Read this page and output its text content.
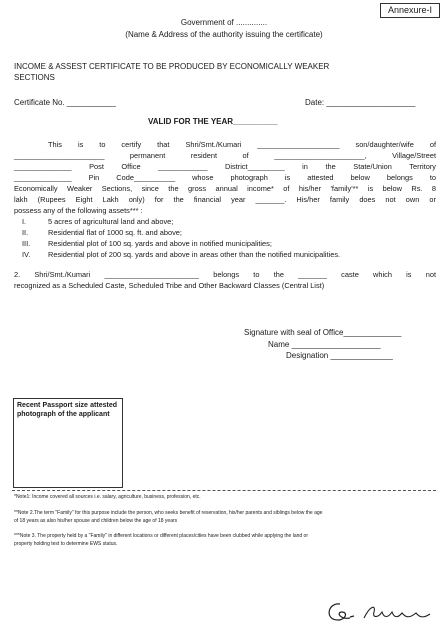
Annexure-I
Government of ..............
(Name & Address of the authority issuing the certificate)
INCOME & ASSEST CERTIFICATE TO BE PRODUCED BY ECONOMICALLY WEAKER
SECTIONS
Certificate No. ___________	Date: ____________________
VALID FOR THE YEAR__________
This is to certify that Shri/Smt./Kumari ____________________ son/daughter/wife of
______________________ permanent resident of ______________________, Village/Street
______________ Post Office ____________ District_________ in the State/Union Territory
______________ Pin Code__________ whose photograph is attested below belongs to
Economically Weaker Sections, since the gross annual income* of his/her 'family'** is below Rs. 8
lakh (Rupees Eight Lakh only) for the financial year _______. His/her family does not own or
possess any of the following assets*** :
I.	5 acres of agricultural land and above;
II.	Residential flat of 1000 sq. ft. and above;
III. Residential plot of 100 sq. yards and above in notified municipalities;
IV. Residential plot of 200 sq. yards and above in areas other than the notified municipalities.
2. Shri/Smt./Kumari _______________________ belongs to the _______ caste which is not
recognized as a Scheduled Caste, Scheduled Tribe and Other Backward Classes (Central List)
Signature with seal of Office_____________
Name ____________________
Designation ______________
Recent Passport size attested photograph of the applicant
*Note1: Income covered all sources i.e. salary, agriculture, business, profession, etc.
**Note 2.The term "Family" for this purpose include the person, who seeks benefit of reservation, his/her parents and siblings below the age
of 18 years as also his/her spouse and children below the age of 18 years
***Note 3. The property held by a "Family" in different locations or different places/cities have been clubbed while applying the land or
property holding test to determine EWS status.
